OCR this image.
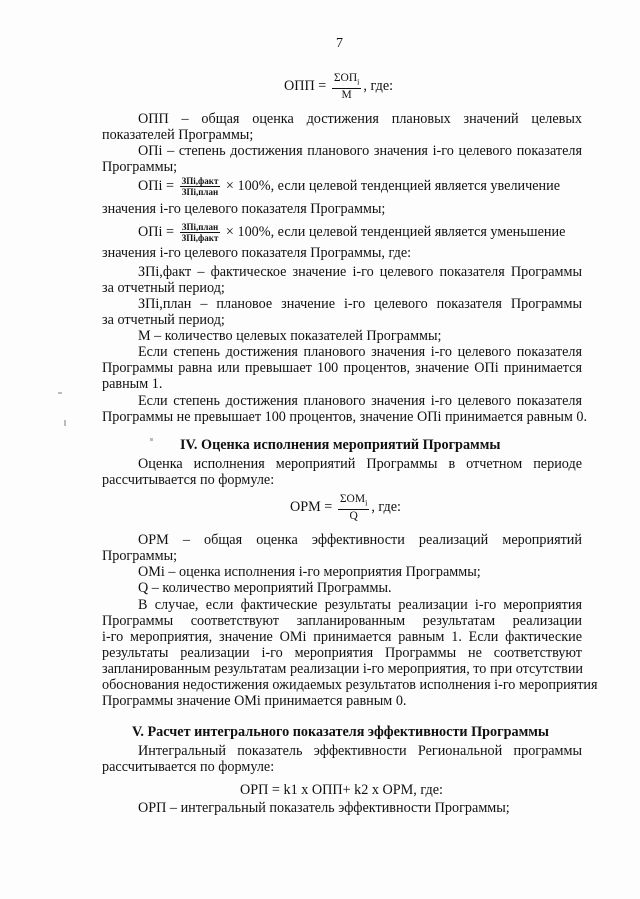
7
ОПП = $\frac{\Sigma ОП_i}{M}$ , где:
ОПП – общая оценка достижения плановых значений целевых
показателей Программы;
ОПi – степень достижения планового значения i-го целевого показателя
Программы;
ОПi = $\frac{\text{ЗПi,факт}}{\text{ЗПi,план}} \times 100\%$, если целевой тенденцией является увеличение
значения i-го целевого показателя Программы;
ОПi = $\frac{\text{ЗПi,план}}{\text{ЗПi,факт}} \times 100\%$, если целевой тенденцией является уменьшение
значения i-го целевого показателя Программы, где:
ЗПi,факт – фактическое значение i-го целевого показателя Программы
за отчетный период;
ЗПi,план – плановое значение i-го целевого показателя Программы
за отчетный период;
М – количество целевых показателей Программы;
Если степень достижения планового значения i-го целевого показателя
Программы равна или превышает 100 процентов, значение ОПi принимается
равным 1.
Если степень достижения планового значения i-го целевого показателя
Программы не превышает 100 процентов, значение ОПi принимается равным 0.
IV. Оценка исполнения мероприятий Программы
Оценка исполнения мероприятий Программы в отчетном периоде
рассчитывается по формуле:
ОРМ = $\frac{\Sigma ОМ_i}{Q}$ , где:
ОРМ – общая оценка эффективности реализаций мероприятий
Программы;
ОМi – оценка исполнения i-го мероприятия Программы;
Q – количество мероприятий Программы.
В случае, если фактические результаты реализации i-го мероприятия
Программы соответствуют запланированным результатам реализации
i-го мероприятия, значение ОМi принимается равным 1. Если фактические
результаты реализации i-го мероприятия Программы не соответствуют
запланированным результатам реализации i-го мероприятия, то при отсутствии
обоснования недостижения ожидаемых результатов исполнения i-го мероприятия
Программы значение ОМi принимается равным 0.
V. Расчет интегрального показателя эффективности Программы
Интегральный показатель эффективности Региональной программы
рассчитывается по формуле:
ОРП = k1 x ОПП+ k2 x ОРМ, где:
ОРП – интегральный показатель эффективности Программы;
